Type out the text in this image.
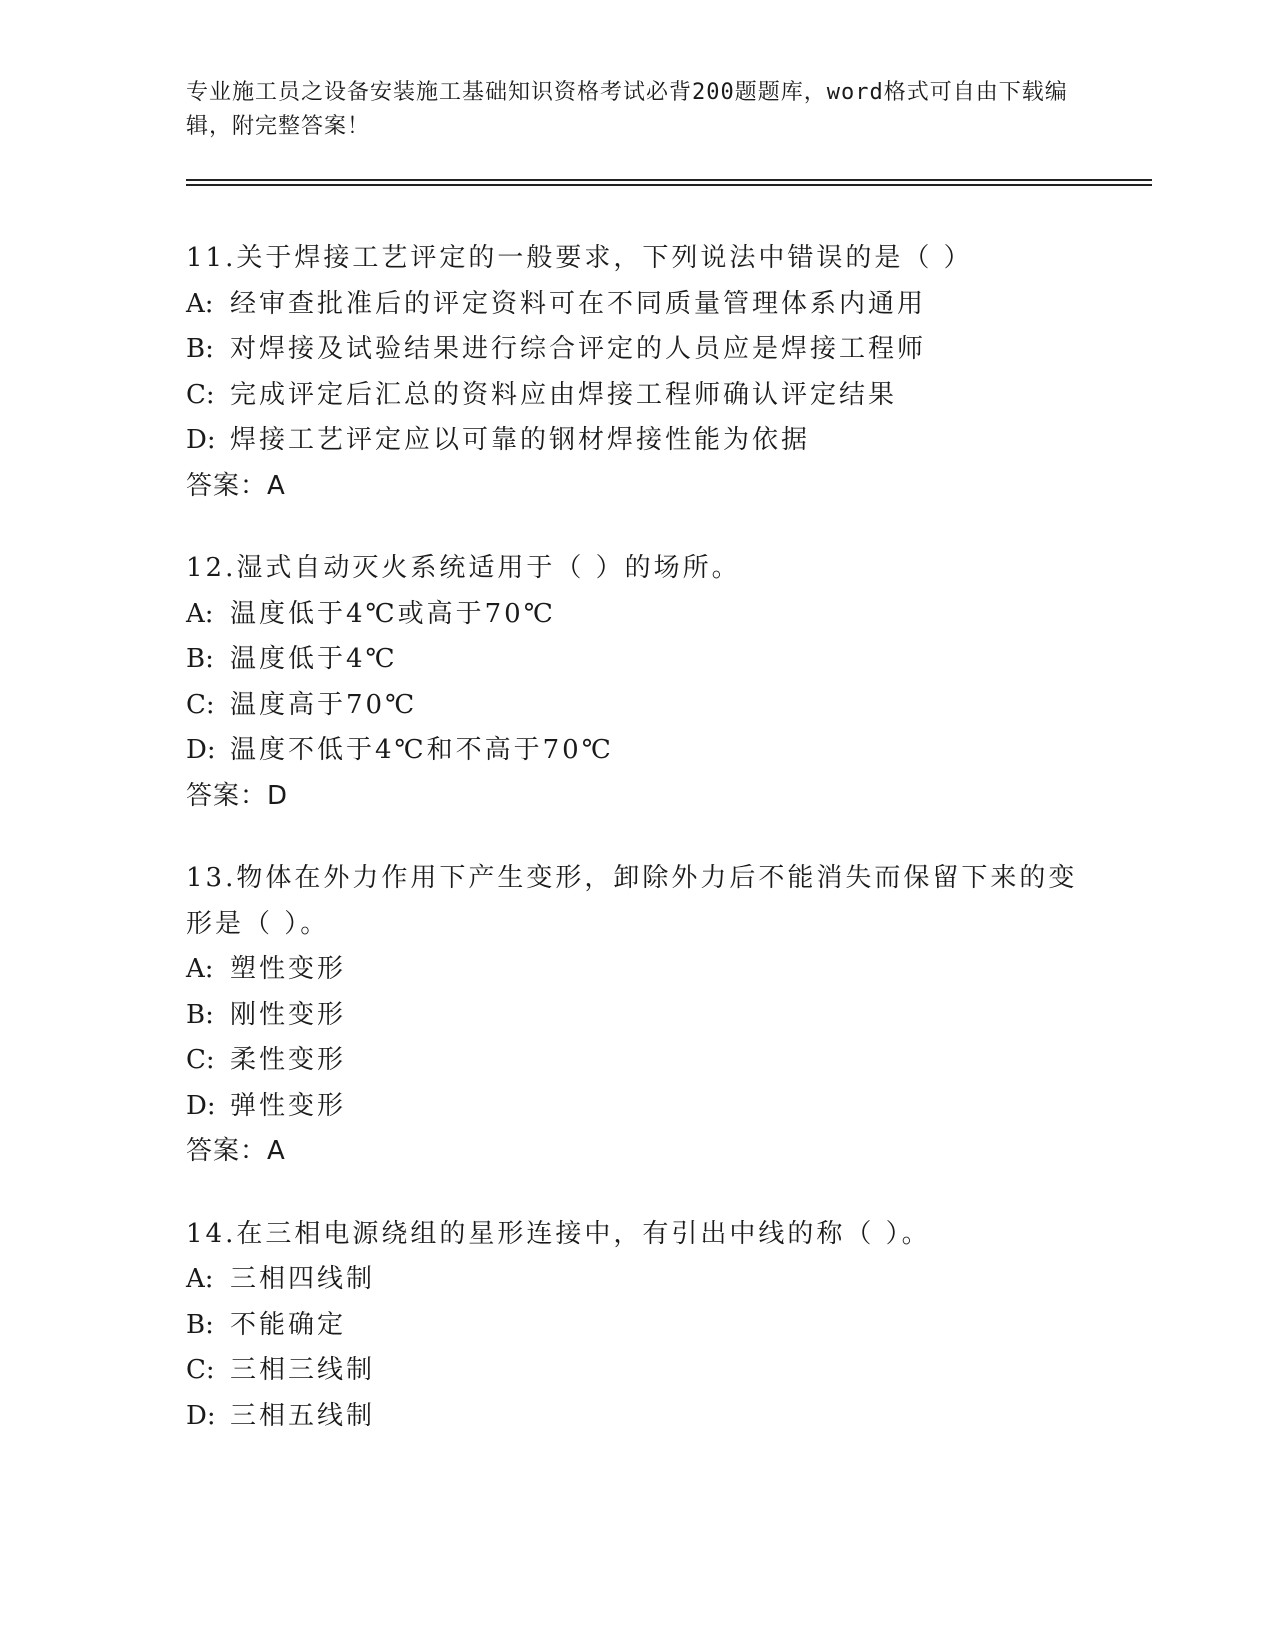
专业施工员之设备安装施工基础知识资格考试必背200题题库，word格式可自由下载编辑，附完整答案！

11.关于焊接工艺评定的一般要求，下列说法中错误的是（ ）

A: 经审查批准后的评定资料可在不同质量管理体系内通用

B: 对焊接及试验结果进行综合评定的人员应是焊接工程师

C: 完成评定后汇总的资料应由焊接工程师确认评定结果

D: 焊接工艺评定应以可靠的钢材焊接性能为依据

答案：A

12.湿式自动灭火系统适用于（ ）的场所。

A: 温度低于4℃或高于70℃

B: 温度低于4℃

C: 温度高于70℃

D: 温度不低于4℃和不高于70℃

答案：D

13.物体在外力作用下产生变形，卸除外力后不能消失而保留下来的变形是（ ）。

A: 塑性变形

B: 刚性变形

C: 柔性变形

D: 弹性变形

答案：A

14.在三相电源绕组的星形连接中，有引出中线的称（ ）。

A: 三相四线制

B: 不能确定

C: 三相三线制

D: 三相五线制
